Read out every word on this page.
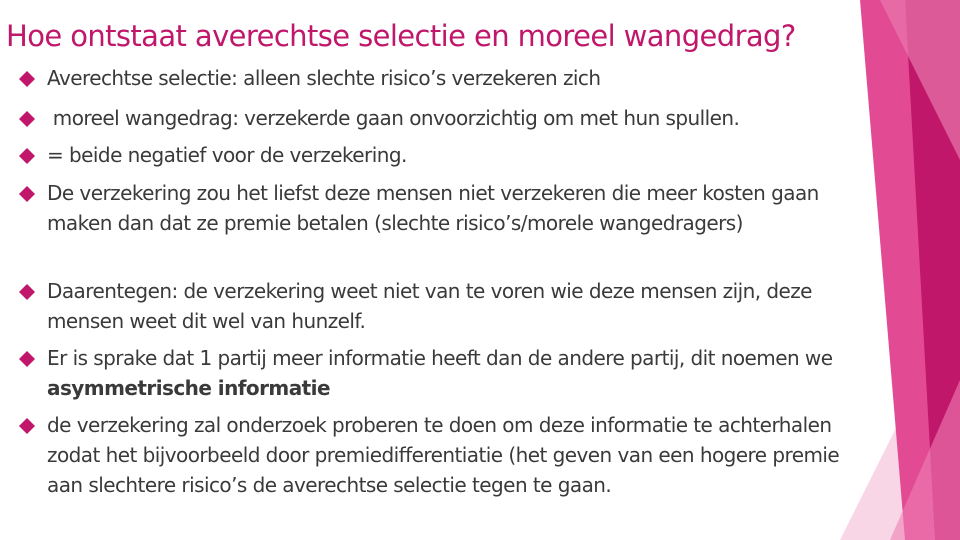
Hoe ontstaat averechtse selectie en moreel wangedrag?
Averechtse selectie: alleen slechte risico’s verzekeren zich
moreel wangedrag: verzekerde gaan onvoorzichtig om met hun spullen.
= beide negatief voor de verzekering.
De verzekering zou het liefst deze mensen niet verzekeren die meer kosten gaan maken dan dat ze premie betalen (slechte risico’s/morele wangedragers)
Daarentegen: de verzekering weet niet van te voren wie deze mensen zijn, deze mensen weet dit wel van hunzelf.
Er is sprake dat 1 partij meer informatie heeft dan de andere partij, dit noemen we asymmetrische informatie
de verzekering zal onderzoek proberen te doen om deze informatie te achterhalen zodat het bijvoorbeeld door premiedifferentiatie (het geven van een hogere premie aan slechtere risico’s de averechtse selectie tegen te gaan.
